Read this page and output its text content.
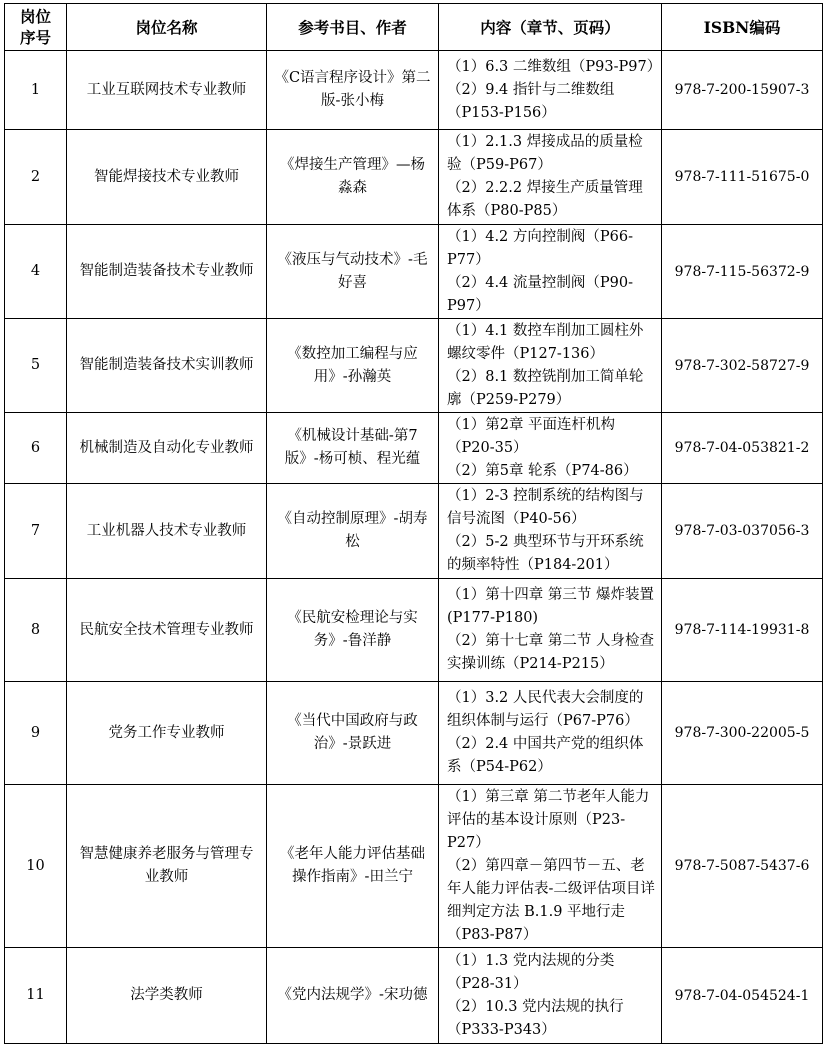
岗位
序号	岗位名称	参考书目、作者	内容（章节、页码）	ISBN编码
1	工业互联网技术专业教师	《C语言程序设计》第二版-张小梅	（1）6.3 二维数组（P93-P97）
（2）9.4 指针与二维数组（P153-P156）	978-7-200-15907-3
2	智能焊接技术专业教师	《焊接生产管理》—杨淼森	（1）2.1.3 焊接成品的质量检验（P59-P67）
（2）2.2.2 焊接生产质量管理体系（P80-P85）	978-7-111-51675-0
4	智能制造装备技术专业教师	《液压与气动技术》-毛好喜	（1）4.2 方向控制阀（P66-P77）
（2）4.4 流量控制阀（P90-P97）	978-7-115-56372-9
5	智能制造装备技术实训教师	《数控加工编程与应用》-孙瀚英	（1）4.1 数控车削加工圆柱外螺纹零件（P127-136）
（2）8.1 数控铣削加工简单轮廓（P259-P279）	978-7-302-58727-9
6	机械制造及自动化专业教师	《机械设计基础-第7版》-杨可桢、程光蕴	（1）第2章 平面连杆机构（P20-35）
（2）第5章 轮系（P74-86）	978-7-04-053821-2
7	工业机器人技术专业教师	《自动控制原理》-胡寿松	（1）2-3 控制系统的结构图与信号流图（P40-56）
（2）5-2 典型环节与开环系统的频率特性（P184-201）	978-7-03-037056-3
8	民航安全技术管理专业教师	《民航安检理论与实务》-鲁洋静	（1）第十四章 第三节 爆炸装置(P177-P180)
（2）第十七章 第二节 人身检查实操训练（P214-P215）	978-7-114-19931-8
9	党务工作专业教师	《当代中国政府与政治》-景跃进	（1）3.2 人民代表大会制度的组织体制与运行（P67-P76）
（2）2.4 中国共产党的组织体系（P54-P62）	978-7-300-22005-5
10	智慧健康养老服务与管理专业教师	《老年人能力评估基础操作指南》-田兰宁	（1）第三章 第二节老年人能力评估的基本设计原则（P23-P27）
（2）第四章－第四节－五、老年人能力评估表-二级评估项目详细判定方法 B.1.9 平地行走（P83-P87）	978-7-5087-5437-6
11	法学类教师	《党内法规学》-宋功德	（1）1.3 党内法规的分类（P28-31）
（2）10.3 党内法规的执行（P333-P343）	978-7-04-054524-1
